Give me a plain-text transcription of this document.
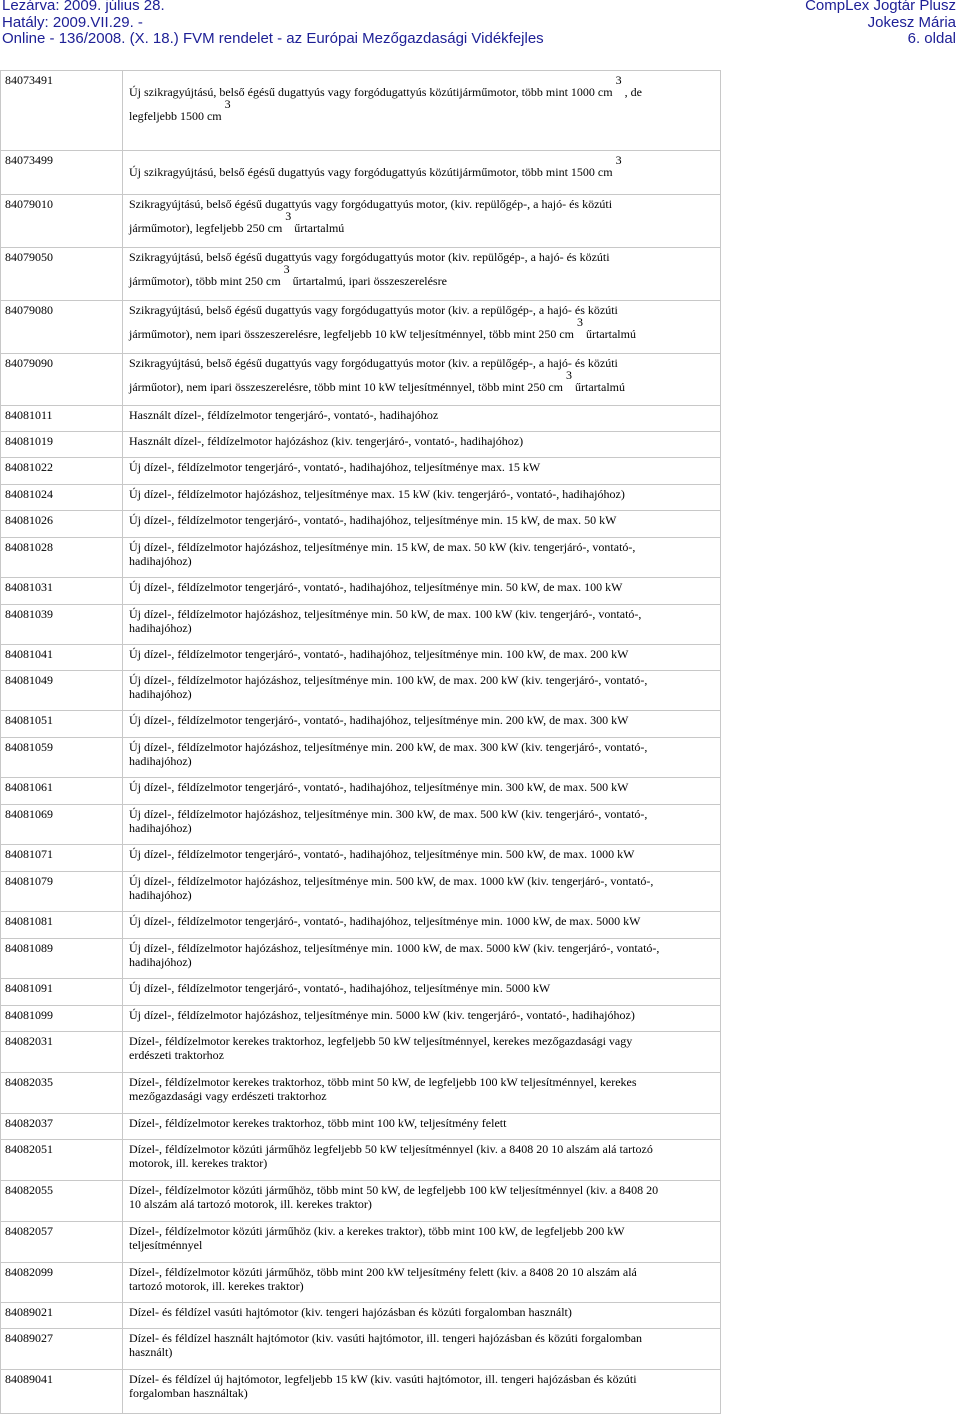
Lezárva: 2009. július 28.
Hatály: 2009.VII.29. -
Online - 136/2008. (X. 18.) FVM rendelet - az Európai Mezőgazdasági Vidékfejles
CompLex Jogtár Plusz
Jokesz Mária
6. oldal
84073491	Új szikragyújtású, belső égésű dugattyús vagy forgódugattyús közútijárműmotor, több mint 1000 cm3, de
legfeljebb 1500 cm3

84073499	Új szikragyújtású, belső égésű dugattyús vagy forgódugattyús közútijárműmotor, több mint 1500 cm3

84079010	Szikragyújtású, belső égésű dugattyús vagy forgódugattyús motor, (kiv. repülőgép-, a hajó- és közúti
járműmotor), legfeljebb 250 cm3űrtartalmú

84079050	Szikragyújtású, belső égésű dugattyús vagy forgódugattyús motor (kiv. repülőgép-, a hajó- és közúti
járműmotor), több mint 250 cm3űrtartalmú, ipari összeszerelésre

84079080	Szikragyújtású, belső égésű dugattyús vagy forgódugattyús motor (kiv. a repülőgép-, a hajó- és közúti
járműmotor), nem ipari összeszerelésre, legfeljebb 10 kW teljesítménnyel, több mint 250 cm3űrtartalmú

84079090	Szikragyújtású, belső égésű dugattyús vagy forgódugattyús motor (kiv. a repülőgép-, a hajó- és közúti
járműotor), nem ipari összeszerelésre, több mint 10 kW teljesítménnyel, több mint 250 cm3űrtartalmú

84081011	Használt dízel-, féldízelmotor tengerjáró-, vontató-, hadihajóhoz

84081019	Használt dízel-, féldízelmotor hajózáshoz (kiv. tengerjáró-, vontató-, hadihajóhoz)

84081022	Új dízel-, féldízelmotor tengerjáró-, vontató-, hadihajóhoz, teljesítménye max. 15 kW

84081024	Új dízel-, féldízelmotor hajózáshoz, teljesítménye max. 15 kW (kiv. tengerjáró-, vontató-, hadihajóhoz)

84081026	Új dízel-, féldízelmotor tengerjáró-, vontató-, hadihajóhoz, teljesítménye min. 15 kW, de max. 50 kW

84081028	Új dízel-, féldízelmotor hajózáshoz, teljesítménye min. 15 kW, de max. 50 kW (kiv. tengerjáró-, vontató-,
hadihajóhoz)

84081031	Új dízel-, féldízelmotor tengerjáró-, vontató-, hadihajóhoz, teljesítménye min. 50 kW, de max. 100 kW

84081039	Új dízel-, féldízelmotor hajózáshoz, teljesítménye min. 50 kW, de max. 100 kW (kiv. tengerjáró-, vontató-,
hadihajóhoz)

84081041	Új dízel-, féldízelmotor tengerjáró-, vontató-, hadihajóhoz, teljesítménye min. 100 kW, de max. 200 kW

84081049	Új dízel-, féldízelmotor hajózáshoz, teljesítménye min. 100 kW, de max. 200 kW (kiv. tengerjáró-, vontató-,
hadihajóhoz)

84081051	Új dízel-, féldízelmotor tengerjáró-, vontató-, hadihajóhoz, teljesítménye min. 200 kW, de max. 300 kW

84081059	Új dízel-, féldízelmotor hajózáshoz, teljesítménye min. 200 kW, de max. 300 kW (kiv. tengerjáró-, vontató-,
hadihajóhoz)

84081061	Új dízel-, féldízelmotor tengerjáró-, vontató-, hadihajóhoz, teljesítménye min. 300 kW, de max. 500 kW

84081069	Új dízel-, féldízelmotor hajózáshoz, teljesítménye min. 300 kW, de max. 500 kW (kiv. tengerjáró-, vontató-,
hadihajóhoz)

84081071	Új dízel-, féldízelmotor tengerjáró-, vontató-, hadihajóhoz, teljesítménye min. 500 kW, de max. 1000 kW

84081079	Új dízel-, féldízelmotor hajózáshoz, teljesítménye min. 500 kW, de max. 1000 kW (kiv. tengerjáró-, vontató-,
hadihajóhoz)

84081081	Új dízel-, féldízelmotor tengerjáró-, vontató-, hadihajóhoz, teljesítménye min. 1000 kW, de max. 5000 kW

84081089	Új dízel-, féldízelmotor hajózáshoz, teljesítménye min. 1000 kW, de max. 5000 kW (kiv. tengerjáró-, vontató-,
hadihajóhoz)

84081091	Új dízel-, féldízelmotor tengerjáró-, vontató-, hadihajóhoz, teljesítménye min. 5000 kW

84081099	Új dízel-, féldízelmotor hajózáshoz, teljesítménye min. 5000 kW (kiv. tengerjáró-, vontató-, hadihajóhoz)

84082031	Dízel-, féldízelmotor kerekes traktorhoz, legfeljebb 50 kW teljesítménnyel, kerekes mezőgazdasági vagy
erdészeti traktorhoz

84082035	Dízel-, féldízelmotor kerekes traktorhoz, több mint 50 kW, de legfeljebb 100 kW teljesítménnyel, kerekes
mezőgazdasági vagy erdészeti traktorhoz

84082037	Dízel-, féldízelmotor kerekes traktorhoz, több mint 100 kW, teljesítmény felett

84082051	Dízel-, féldízelmotor közúti járműhöz legfeljebb 50 kW teljesítménnyel (kiv. a 8408 20 10 alszám alá tartozó
motorok, ill. kerekes traktor)

84082055	Dízel-, féldízelmotor közúti járműhöz, több mint 50 kW, de legfeljebb 100 kW teljesítménnyel (kiv. a 8408 20
10 alszám alá tartozó motorok, ill. kerekes traktor)

84082057	Dízel-, féldízelmotor közúti járműhöz (kiv. a kerekes traktor), több mint 100 kW, de legfeljebb 200 kW
teljesítménnyel

84082099	Dízel-, féldízelmotor közúti járműhöz, több mint 200 kW teljesítmény felett (kiv. a 8408 20 10 alszám alá
tartozó motorok, ill. kerekes traktor)

84089021	Dízel- és féldízel vasúti hajtómotor (kiv. tengeri hajózásban és közúti forgalomban használt)

84089027	Dízel- és féldízel használt hajtómotor (kiv. vasúti hajtómotor, ill. tengeri hajózásban és közúti forgalomban
használt)

84089041	Dízel- és féldízel új hajtómotor, legfeljebb 15 kW (kiv. vasúti hajtómotor, ill. tengeri hajózásban és közúti
forgalomban használtak)
